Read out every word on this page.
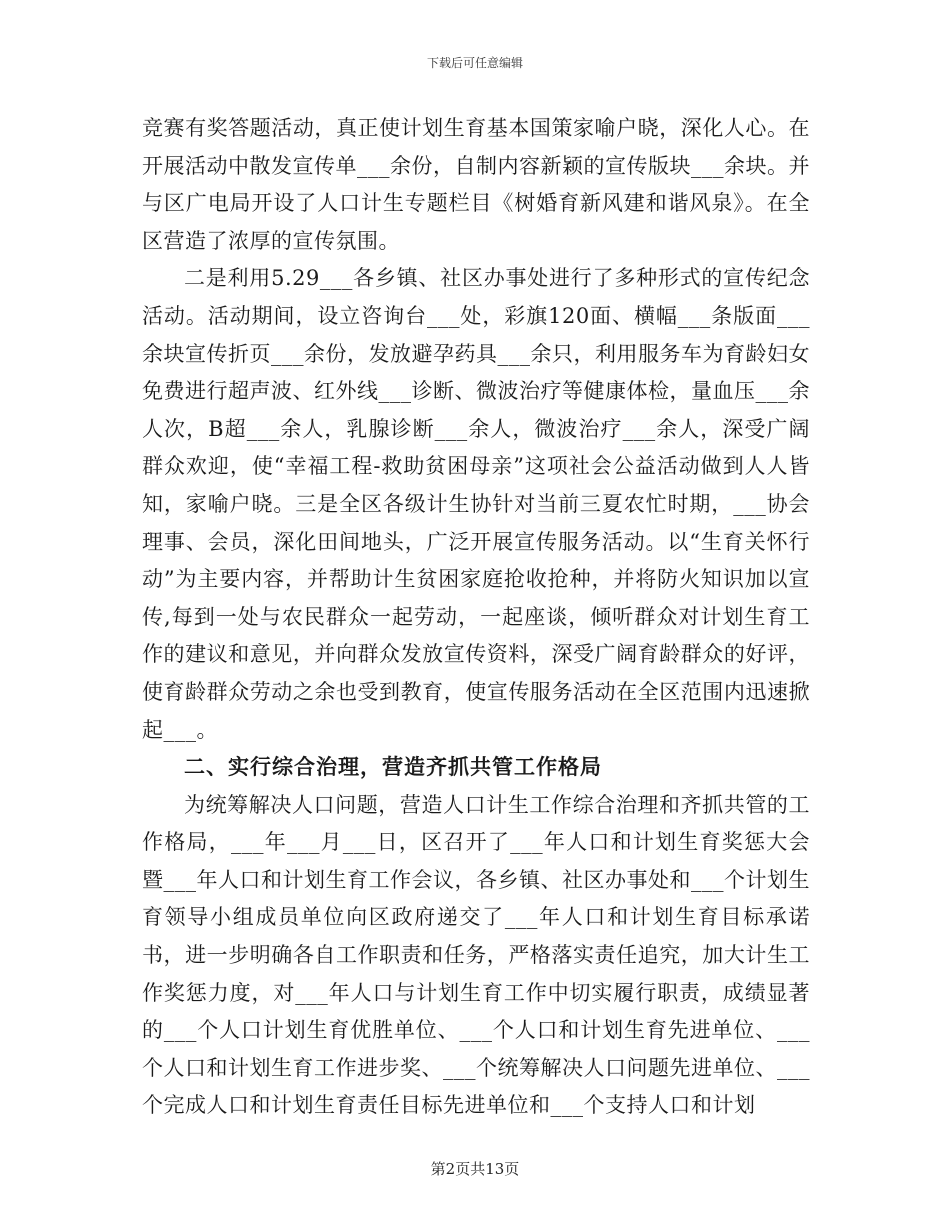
下载后可任意编辑

竞赛有奖答题活动，真正使计划生育基本国策家喻户晓，深化人心。在开展活动中散发宣传单___余份，自制内容新颖的宣传版块___余块。并与区广电局开设了人口计生专题栏目《树婚育新风建和谐风泉》。在全区营造了浓厚的宣传氛围。

二是利用5.29___各乡镇、社区办事处进行了多种形式的宣传纪念活动。活动期间，设立咨询台___处，彩旗120面、横幅___条版面___余块宣传折页___余份，发放避孕药具___余只，利用服务车为育龄妇女免费进行超声波、红外线___诊断、微波治疗等健康体检，量血压___余人次，B超___余人，乳腺诊断___余人，微波治疗___余人，深受广阔群众欢迎，使“幸福工程-救助贫困母亲”这项社会公益活动做到人人皆知，家喻户晓。三是全区各级计生协针对当前三夏农忙时期，___协会理事、会员，深化田间地头，广泛开展宣传服务活动。以“生育关怀行动”为主要内容，并帮助计生贫困家庭抢收抢种，并将防火知识加以宣传,每到一处与农民群众一起劳动，一起座谈，倾听群众对计划生育工作的建议和意见，并向群众发放宣传资料，深受广阔育龄群众的好评，使育龄群众劳动之余也受到教育，使宣传服务活动在全区范围内迅速掀起___。

二、实行综合治理，营造齐抓共管工作格局

为统筹解决人口问题，营造人口计生工作综合治理和齐抓共管的工作格局，___年___月___日，区召开了___年人口和计划生育奖惩大会暨___年人口和计划生育工作会议，各乡镇、社区办事处和___个计划生育领导小组成员单位向区政府递交了___年人口和计划生育目标承诺书，进一步明确各自工作职责和任务，严格落实责任追究，加大计生工作奖惩力度，对___年人口与计划生育工作中切实履行职责，成绩显著的___个人口计划生育优胜单位、___个人口和计划生育先进单位、___个人口和计划生育工作进步奖、___个统筹解决人口问题先进单位、___个完成人口和计划生育责任目标先进单位和___个支持人口和计划

第2页共13页
